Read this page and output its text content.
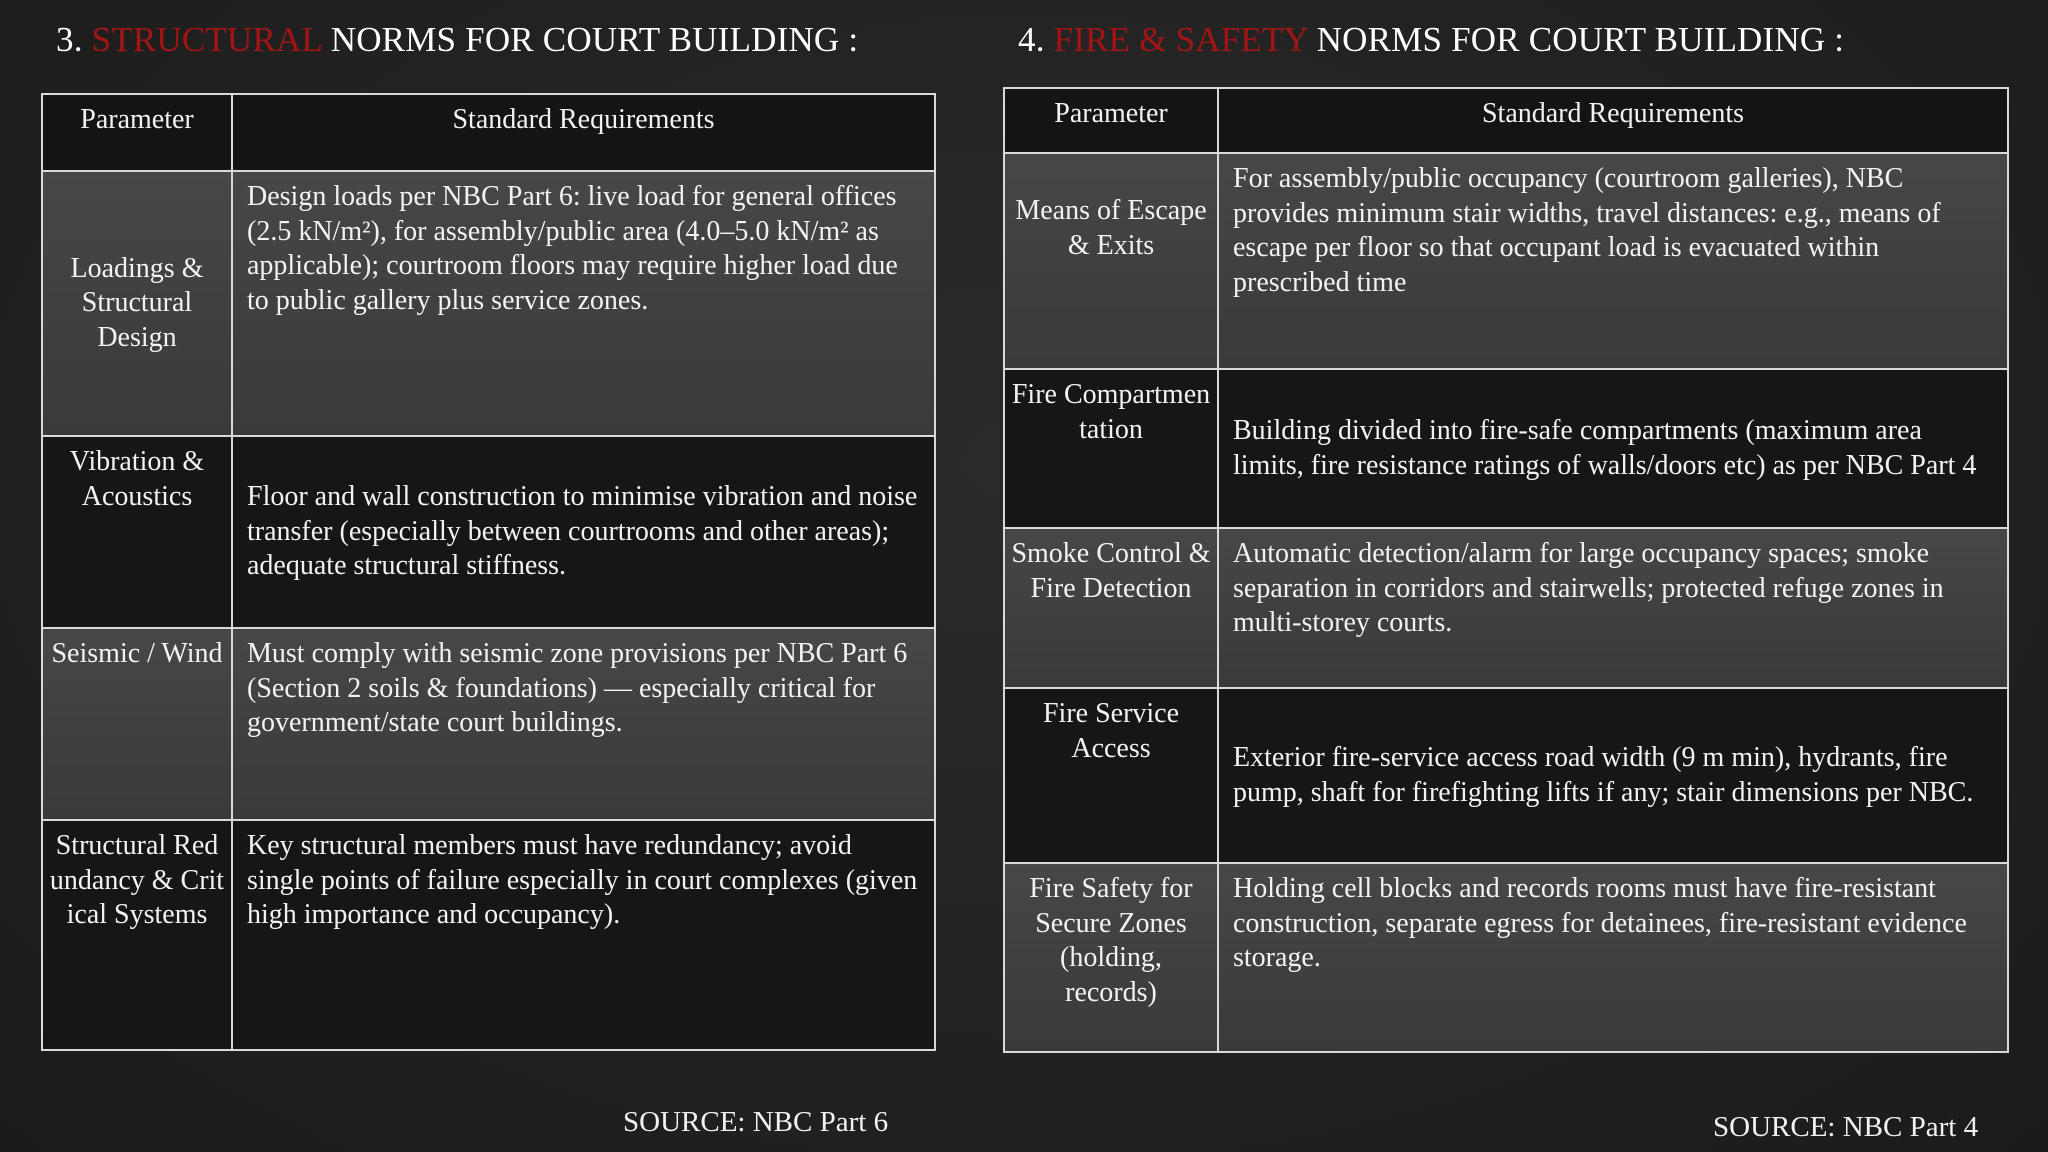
3. STRUCTURAL NORMS FOR COURT BUILDING :
Parameter	Standard Requirements
Loadings & Structural Design	Design loads per NBC Part 6: live load for general offices (2.5 kN/m²), for assembly/public area (4.0–5.0 kN/m² as applicable); courtroom floors may require higher load due to public gallery plus service zones.
Vibration & Acoustics	Floor and wall construction to minimise vibration and noise transfer (especially between courtrooms and other areas); adequate structural stiffness.
Seismic / Wind	Must comply with seismic zone provisions per NBC Part 6 (Section 2 soils & foundations) — especially critical for government/state court buildings.
Structural Redundancy & Critical Systems	Key structural members must have redundancy; avoid single points of failure especially in court complexes (given high importance and occupancy).
SOURCE: NBC Part 6
4. FIRE & SAFETY NORMS FOR COURT BUILDING :
Parameter	Standard Requirements
Means of Escape & Exits	For assembly/public occupancy (courtroom galleries), NBC provides minimum stair widths, travel distances: e.g., means of escape per floor so that occupant load is evacuated within prescribed time
Fire Compartmentation	Building divided into fire-safe compartments (maximum area limits, fire resistance ratings of walls/doors etc) as per NBC Part 4
Smoke Control & Fire Detection	Automatic detection/alarm for large occupancy spaces; smoke separation in corridors and stairwells; protected refuge zones in multi-storey courts.
Fire Service Access	Exterior fire-service access road width (9 m min), hydrants, fire pump, shaft for firefighting lifts if any; stair dimensions per NBC.
Fire Safety for Secure Zones (holding, records)	Holding cell blocks and records rooms must have fire-resistant construction, separate egress for detainees, fire-resistant evidence storage.
SOURCE: NBC Part 4
